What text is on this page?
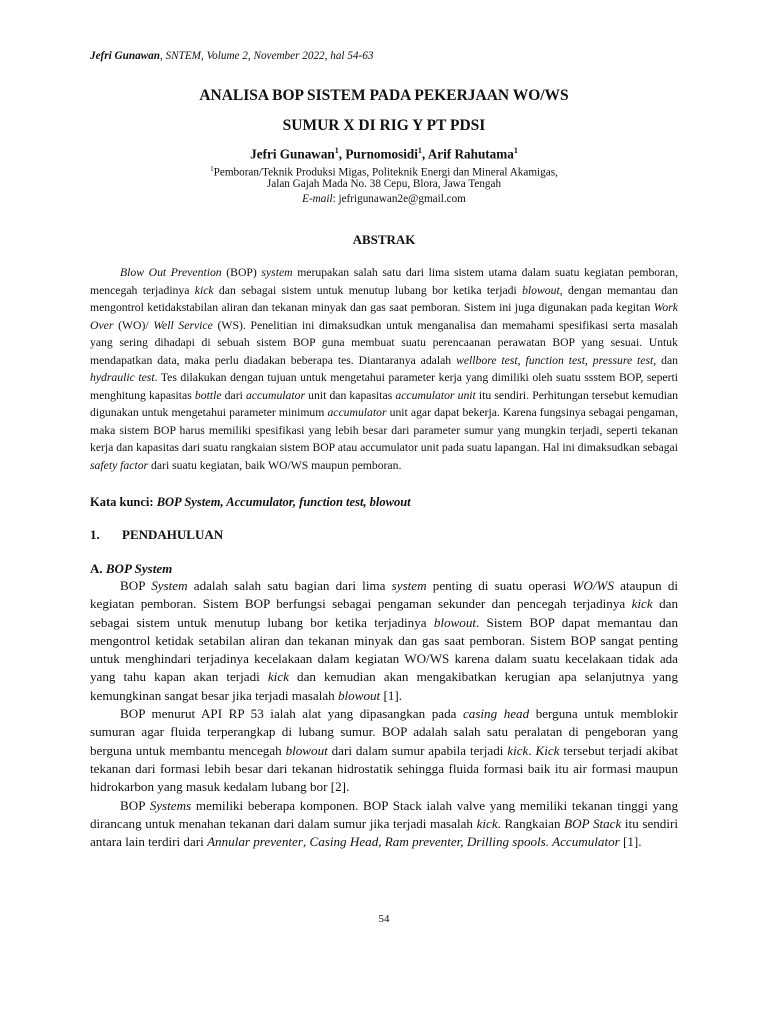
Jefri Gunawan, SNTEM, Volume 2, November 2022, hal 54-63
ANALISA BOP SISTEM PADA PEKERJAAN WO/WS
SUMUR X DI RIG Y PT PDSI
Jefri Gunawan$^1$, Purnomosidi$^1$, Arif Rahutama$^1$
$^1$Pemboran/Teknik Produksi Migas, Politeknik Energi dan Mineral Akamigas,
Jalan Gajah Mada No. 38 Cepu, Blora, Jawa Tengah
E-mail: jefrigunawan2e@gmail.com
ABSTRAK
Blow Out Prevention (BOP) system merupakan salah satu dari lima sistem utama dalam suatu kegiatan pemboran, mencegah terjadinya kick dan sebagai sistem untuk menutup lubang bor ketika terjadi blowout, dengan memantau dan mengontrol ketidakstabilan aliran dan tekanan minyak dan gas saat pemboran. Sistem ini juga digunakan pada kegitan Work Over (WO)/ Well Service (WS). Penelitian ini dimaksudkan untuk menganalisa dan memahami spesifikasi serta masalah yang sering dihadapi di sebuah sistem BOP guna membuat suatu perencaanan perawatan BOP yang sesuai. Untuk mendapatkan data, maka perlu diadakan beberapa tes. Diantaranya adalah wellbore test, function test, pressure test, dan hydraulic test. Tes dilakukan dengan tujuan untuk mengetahui parameter kerja yang dimiliki oleh suatu ssstem BOP, seperti menghitung kapasitas bottle dari accumulator unit dan kapasitas accumulator unit itu sendiri. Perhitungan tersebut kemudian digunakan untuk mengetahui parameter minimum accumulator unit agar dapat bekerja. Karena fungsinya sebagai pengaman, maka sistem BOP harus memiliki spesifikasi yang lebih besar dari parameter sumur yang mungkin terjadi, seperti tekanan kerja dan kapasitas dari suatu rangkaian sistem BOP atau accumulator unit pada suatu lapangan. Hal ini dimaksudkan sebagai safety factor dari suatu kegiatan, baik WO/WS maupun pemboran.
Kata kunci: BOP System, Accumulator, function test, blowout
1. PENDAHULUAN
A. BOP System

BOP System adalah salah satu bagian dari lima system penting di suatu operasi WO/WS ataupun di kegiatan pemboran. Sistem BOP berfungsi sebagai pengaman sekunder dan pencegah terjadinya kick dan sebagai sistem untuk menutup lubang bor ketika terjadinya blowout. Sistem BOP dapat memantau dan mengontrol ketidak setabilan aliran dan tekanan minyak dan gas saat pemboran. Sistem BOP sangat penting untuk menghindari terjadinya kecelakaan dalam kegiatan WO/WS karena dalam suatu kecelakaan tidak ada yang tahu kapan akan terjadi kick dan kemudian akan mengakibatkan kerugian apa selanjutnya yang kemungkinan sangat besar jika terjadi masalah blowout [1].

BOP menurut API RP 53 ialah alat yang dipasangkan pada casing head berguna untuk memblokir sumuran agar fluida terperangkap di lubang sumur. BOP adalah salah satu peralatan di pengeboran yang berguna untuk membantu mencegah blowout dari dalam sumur apabila terjadi kick. Kick tersebut terjadi akibat tekanan dari formasi lebih besar dari tekanan hidrostatik sehingga fluida formasi baik itu air formasi maupun hidrokarbon yang masuk kedalam lubang bor [2].

BOP Systems memiliki beberapa komponen. BOP Stack ialah valve yang memiliki tekanan tinggi yang dirancang untuk menahan tekanan dari dalam sumur jika terjadi masalah kick. Rangkaian BOP Stack itu sendiri antara lain terdiri dari Annular preventer, Casing Head, Ram preventer, Drilling spools. Accumulator [1].

54
